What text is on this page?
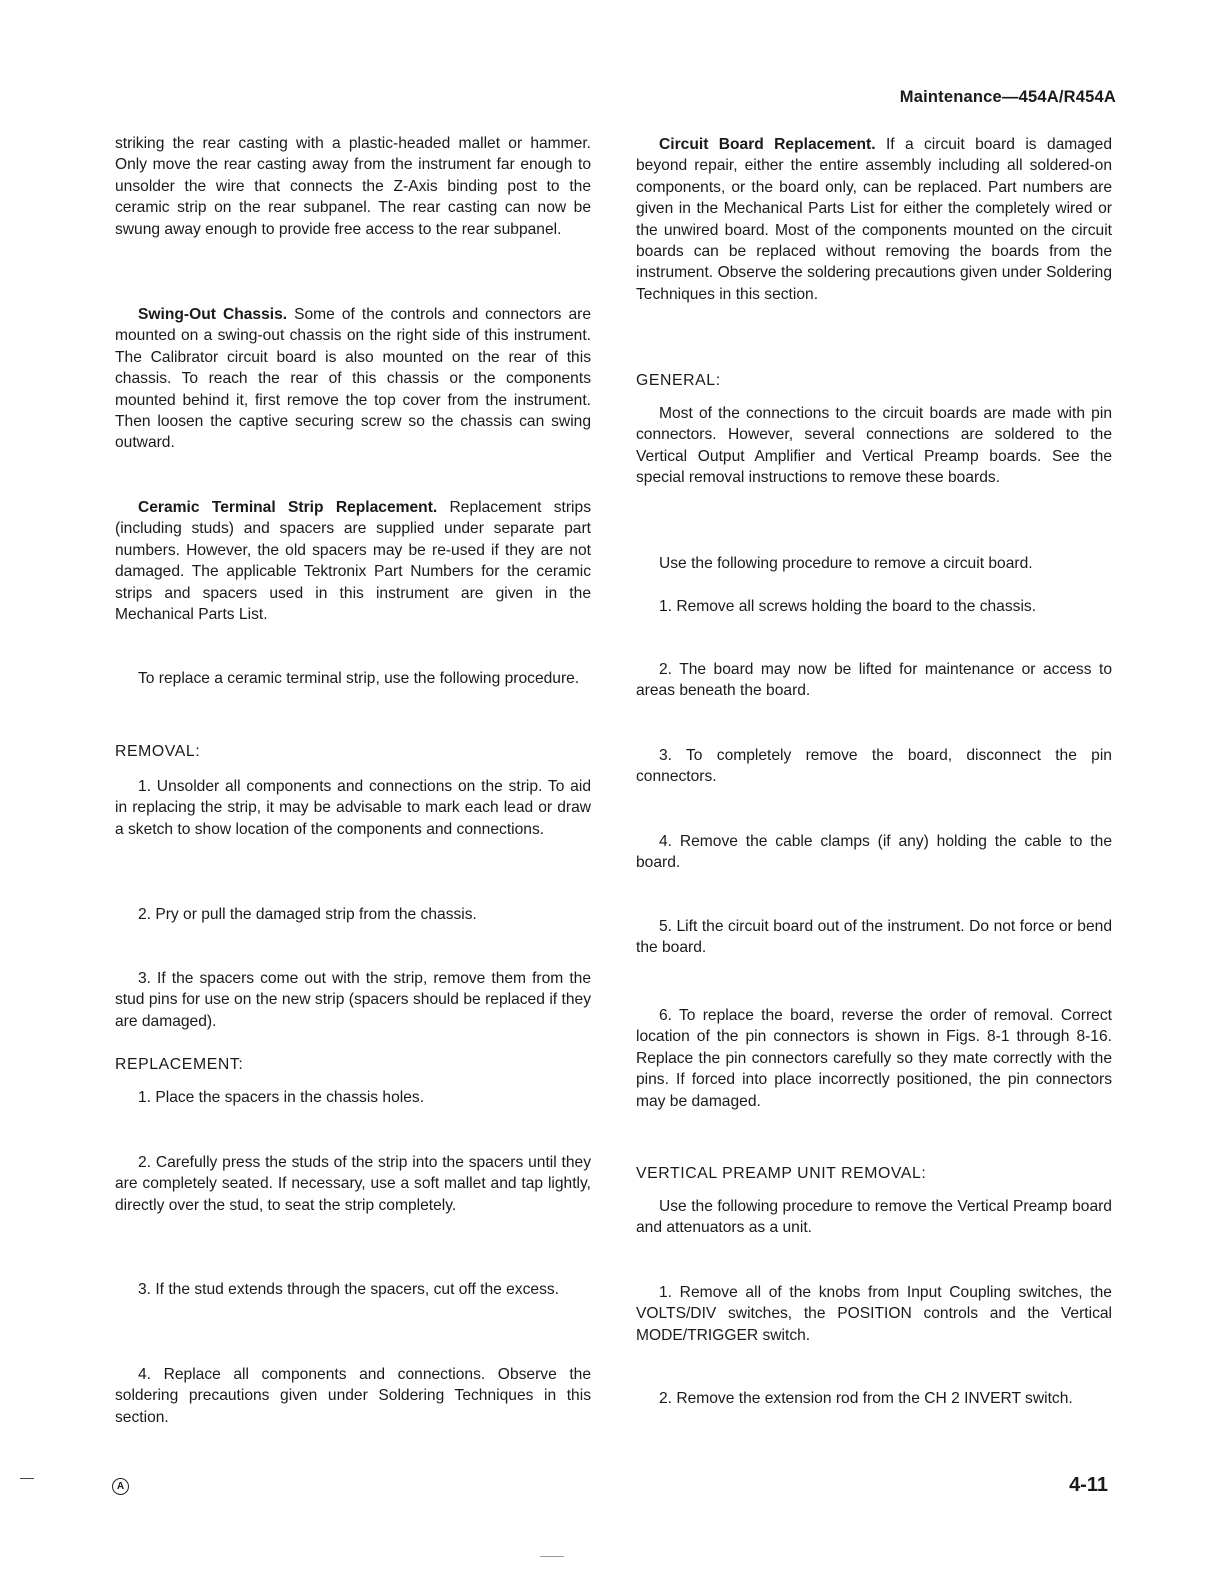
Maintenance—454A/R454A

striking the rear casting with a plastic-headed mallet or hammer. Only move the rear casting away from the instrument far enough to unsolder the wire that connects the Z-Axis binding post to the ceramic strip on the rear subpanel. The rear casting can now be swung away enough to provide free access to the rear subpanel.

Swing-Out Chassis. Some of the controls and connectors are mounted on a swing-out chassis on the right side of this instrument. The Calibrator circuit board is also mounted on the rear of this chassis. To reach the rear of this chassis or the components mounted behind it, first remove the top cover from the instrument. Then loosen the captive securing screw so the chassis can swing outward.

Ceramic Terminal Strip Replacement. Replacement strips (including studs) and spacers are supplied under separate part numbers. However, the old spacers may be re-used if they are not damaged. The applicable Tektronix Part Numbers for the ceramic strips and spacers used in this instrument are given in the Mechanical Parts List.

To replace a ceramic terminal strip, use the following procedure.

REMOVAL:

1. Unsolder all components and connections on the strip. To aid in replacing the strip, it may be advisable to mark each lead or draw a sketch to show location of the components and connections.

2. Pry or pull the damaged strip from the chassis.

3. If the spacers come out with the strip, remove them from the stud pins for use on the new strip (spacers should be replaced if they are damaged).

REPLACEMENT:

1. Place the spacers in the chassis holes.

2. Carefully press the studs of the strip into the spacers until they are completely seated. If necessary, use a soft mallet and tap lightly, directly over the stud, to seat the strip completely.

3. If the stud extends through the spacers, cut off the excess.

4. Replace all components and connections. Observe the soldering precautions given under Soldering Techniques in this section.

Circuit Board Replacement. If a circuit board is damaged beyond repair, either the entire assembly including all soldered-on components, or the board only, can be replaced. Part numbers are given in the Mechanical Parts List for either the completely wired or the unwired board. Most of the components mounted on the circuit boards can be replaced without removing the boards from the instrument. Observe the soldering precautions given under Soldering Techniques in this section.

GENERAL:

Most of the connections to the circuit boards are made with pin connectors. However, several connections are soldered to the Vertical Output Amplifier and Vertical Preamp boards. See the special removal instructions to remove these boards.

Use the following procedure to remove a circuit board.

1. Remove all screws holding the board to the chassis.

2. The board may now be lifted for maintenance or access to areas beneath the board.

3. To completely remove the board, disconnect the pin connectors.

4. Remove the cable clamps (if any) holding the cable to the board.

5. Lift the circuit board out of the instrument. Do not force or bend the board.

6. To replace the board, reverse the order of removal. Correct location of the pin connectors is shown in Figs. 8-1 through 8-16. Replace the pin connectors carefully so they mate correctly with the pins. If forced into place incorrectly positioned, the pin connectors may be damaged.

VERTICAL PREAMP UNIT REMOVAL:

Use the following procedure to remove the Vertical Preamp board and attenuators as a unit.

1. Remove all of the knobs from Input Coupling switches, the VOLTS/DIV switches, the POSITION controls and the Vertical MODE/TRIGGER switch.

2. Remove the extension rod from the CH 2 INVERT switch.

A	4-11
